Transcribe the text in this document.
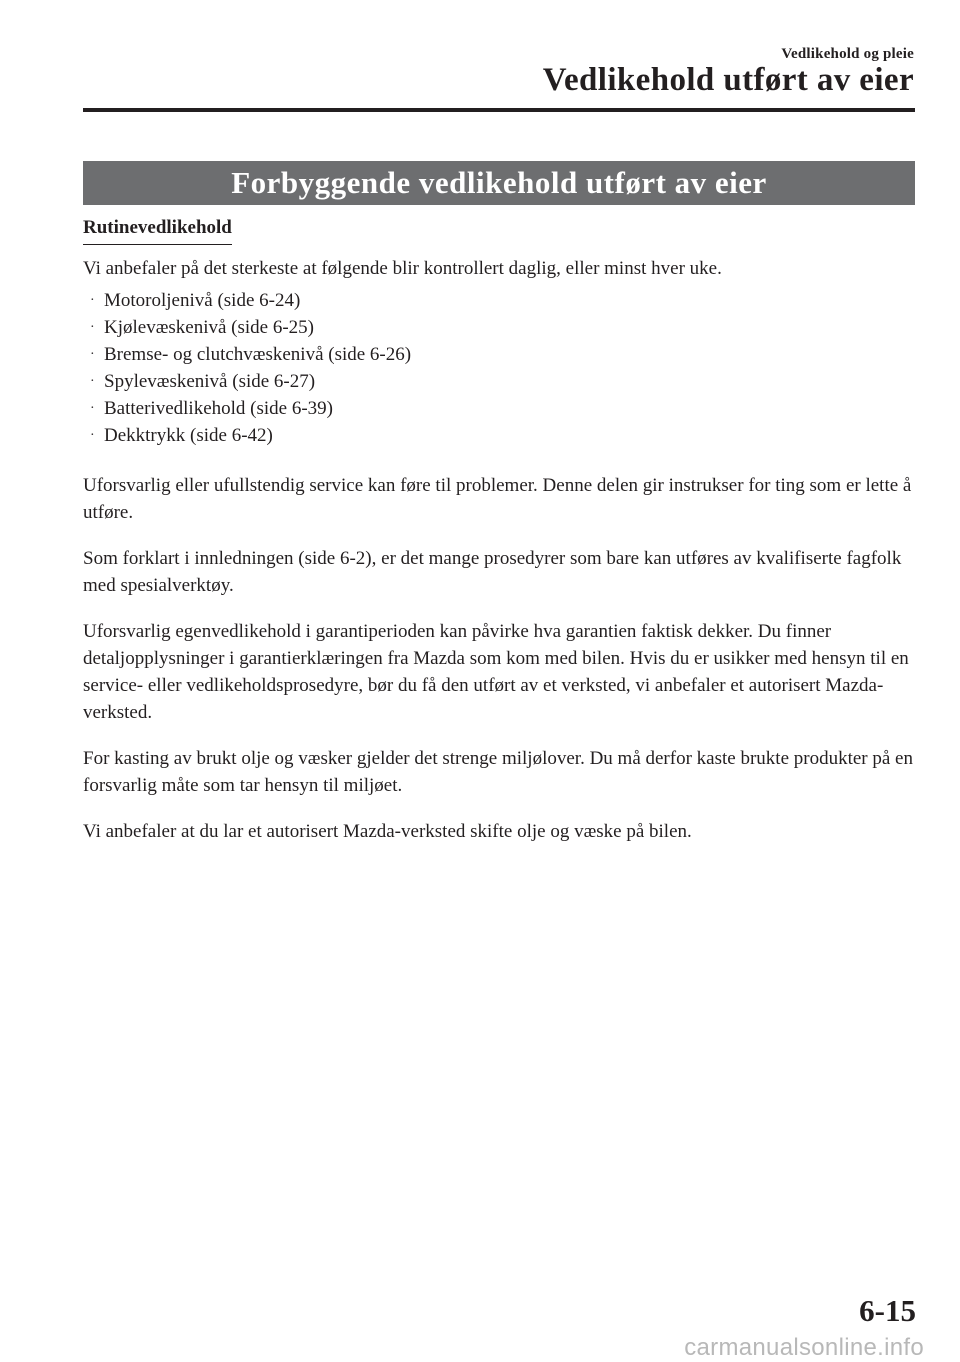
Vedlikehold og pleie
Vedlikehold utført av eier
Forbyggende vedlikehold utført av eier
Rutinevedlikehold

Vi anbefaler på det sterkeste at følgende blir kontrollert daglig, eller minst hver uke.

· Motoroljenivå (side 6-24)
· Kjølevæskenivå (side 6-25)
· Bremse- og clutchvæskenivå (side 6-26)
· Spylevæskenivå (side 6-27)
· Batterivedlikehold (side 6-39)
· Dekktrykk (side 6-42)

Uforsvarlig eller ufullstendig service kan føre til problemer. Denne delen gir instrukser for ting som er lette å utføre.

Som forklart i innledningen (side 6-2), er det mange prosedyrer som bare kan utføres av kvalifiserte fagfolk med spesialverktøy.

Uforsvarlig egenvedlikehold i garantiperioden kan påvirke hva garantien faktisk dekker. Du finner detaljopplysninger i garantierklæringen fra Mazda som kom med bilen. Hvis du er usikker med hensyn til en service- eller vedlikeholdsprosedyre, bør du få den utført av et verksted, vi anbefaler et autorisert Mazda-verksted.

For kasting av brukt olje og væsker gjelder det strenge miljølover. Du må derfor kaste brukte produkter på en forsvarlig måte som tar hensyn til miljøet.

Vi anbefaler at du lar et autorisert Mazda-verksted skifte olje og væske på bilen.

6-15
carmanualsonline.info
